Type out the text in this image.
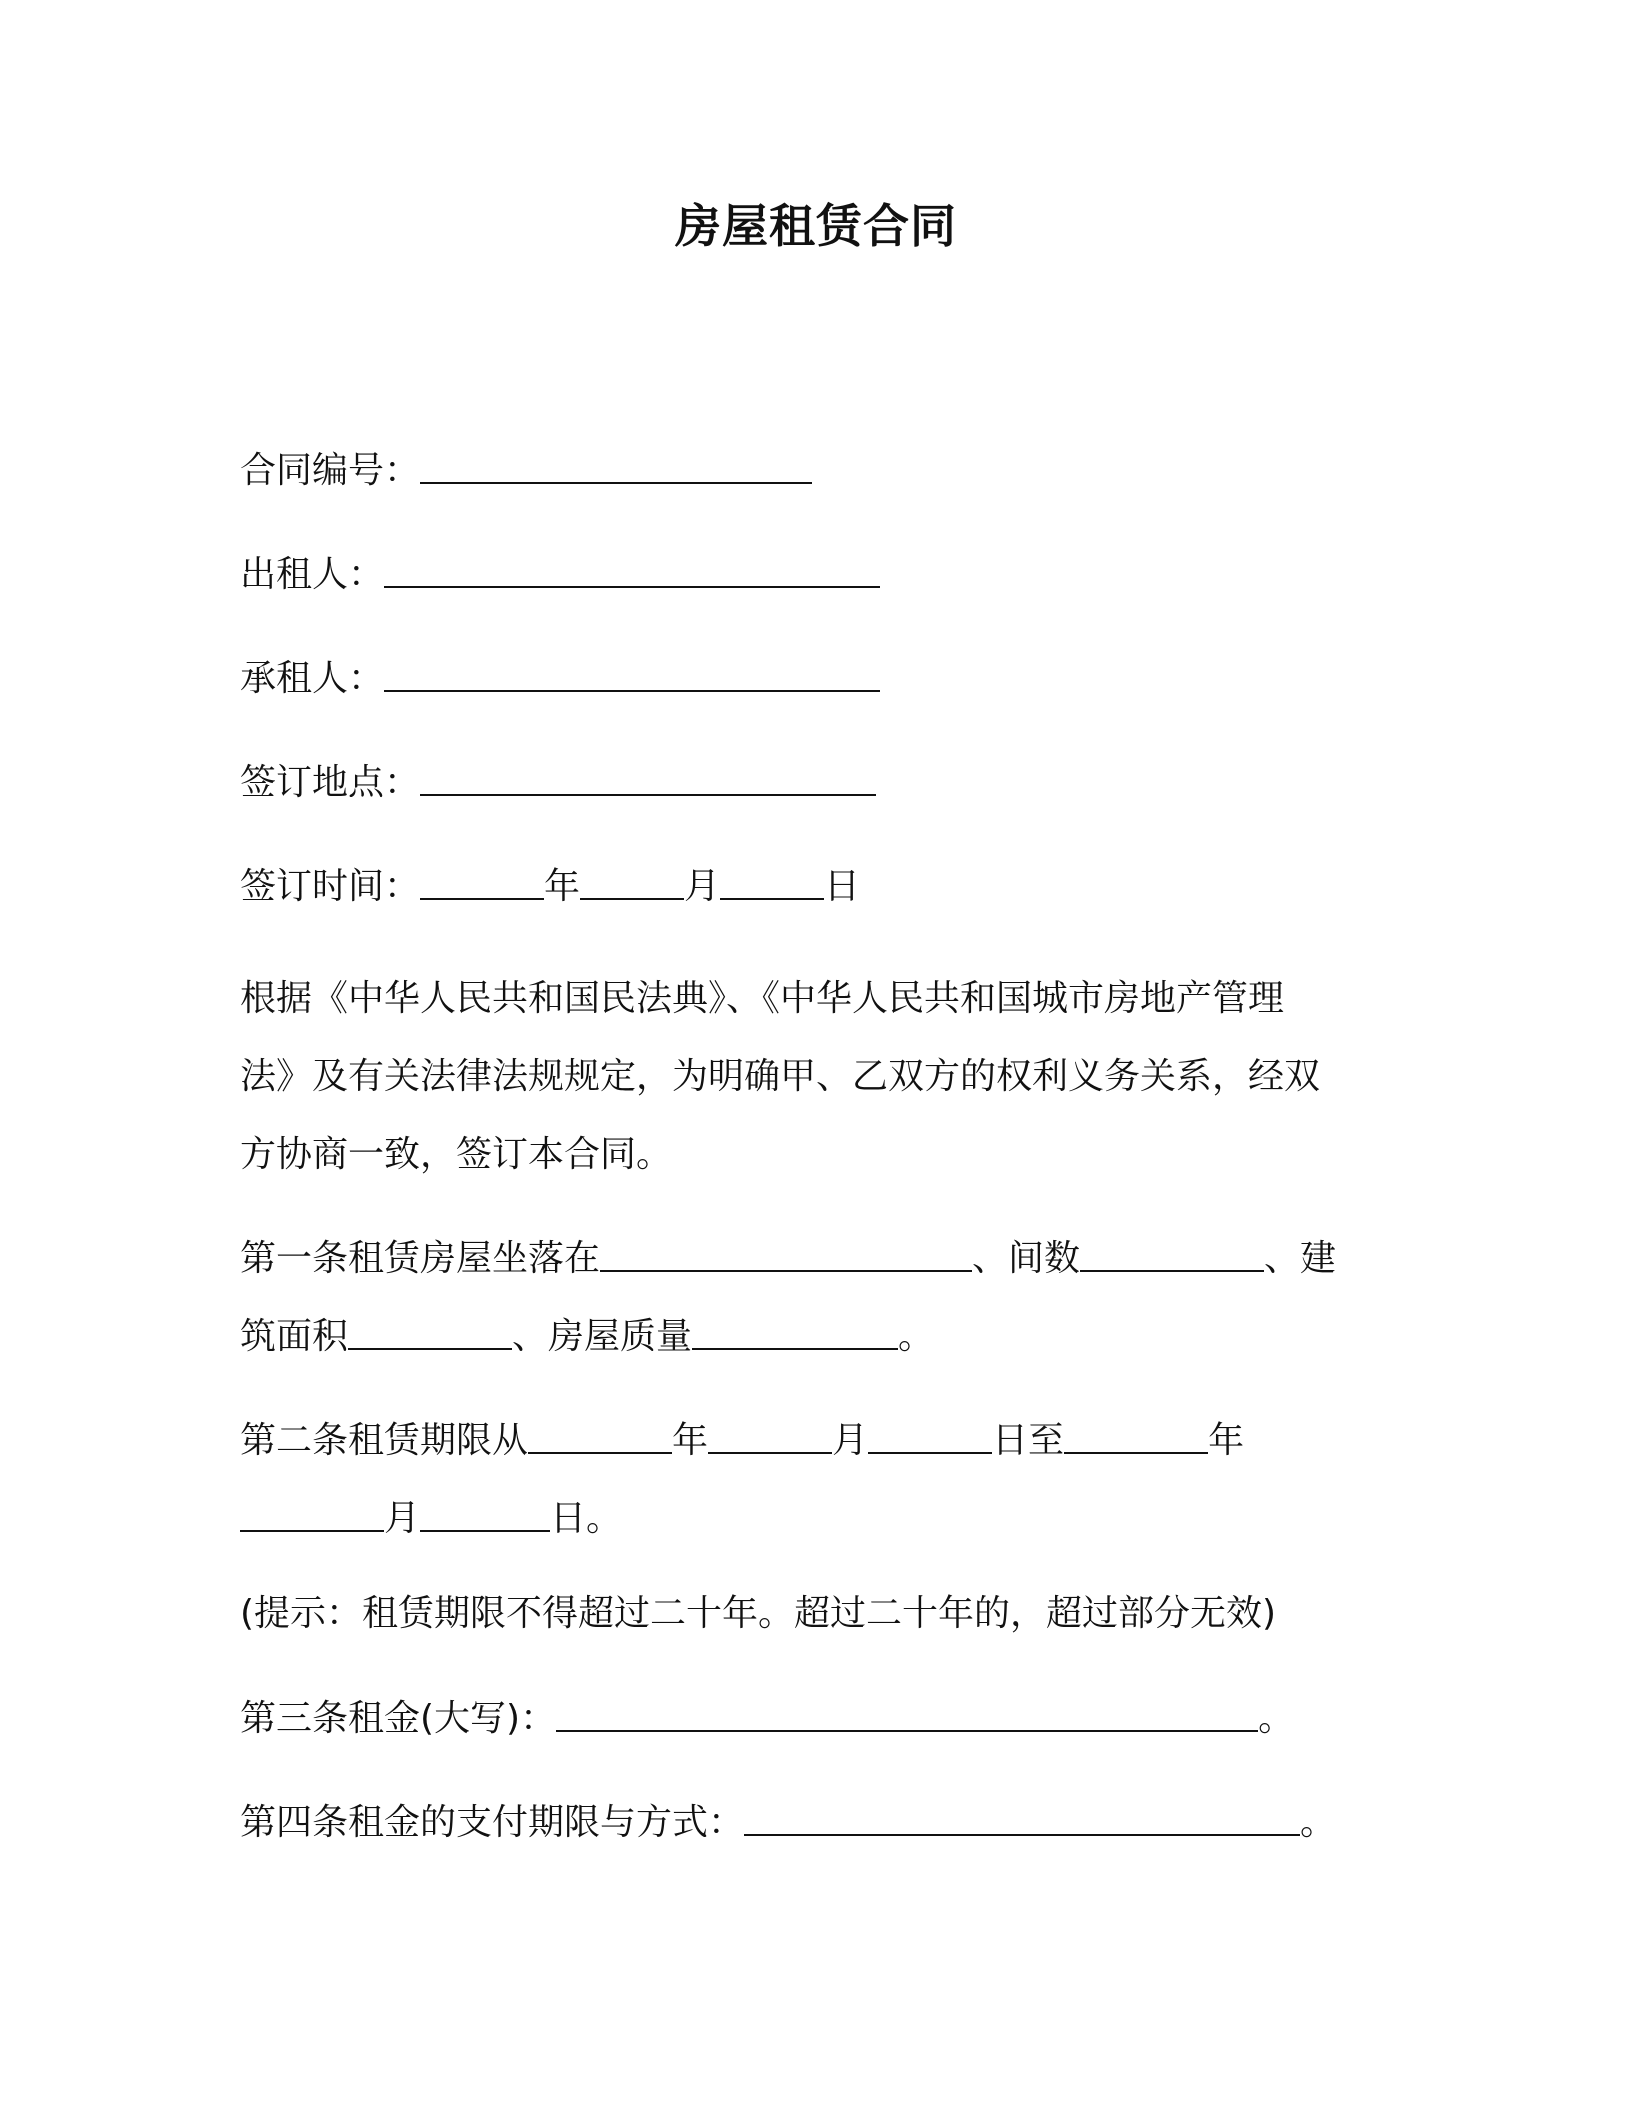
房屋租赁合同
合同编号：
出租人：
承租人：
签订地点：
签订时间：	年	月	日
根据《中华人民共和国民法典》、《中华人民共和国城市房地产管理
法》及有关法律法规规定，为明确甲、乙双方的权利义务关系，经双
方协商一致，签订本合同。
第一条租赁房屋坐落在	、间数	、建
筑面积	、房屋质量	。
第二条租赁期限从	年	月	日至	年
月	日。
(提示：租赁期限不得超过二十年。超过二十年的，超过部分无效)
第三条租金(大写)：	。
第四条租金的支付期限与方式：	。
